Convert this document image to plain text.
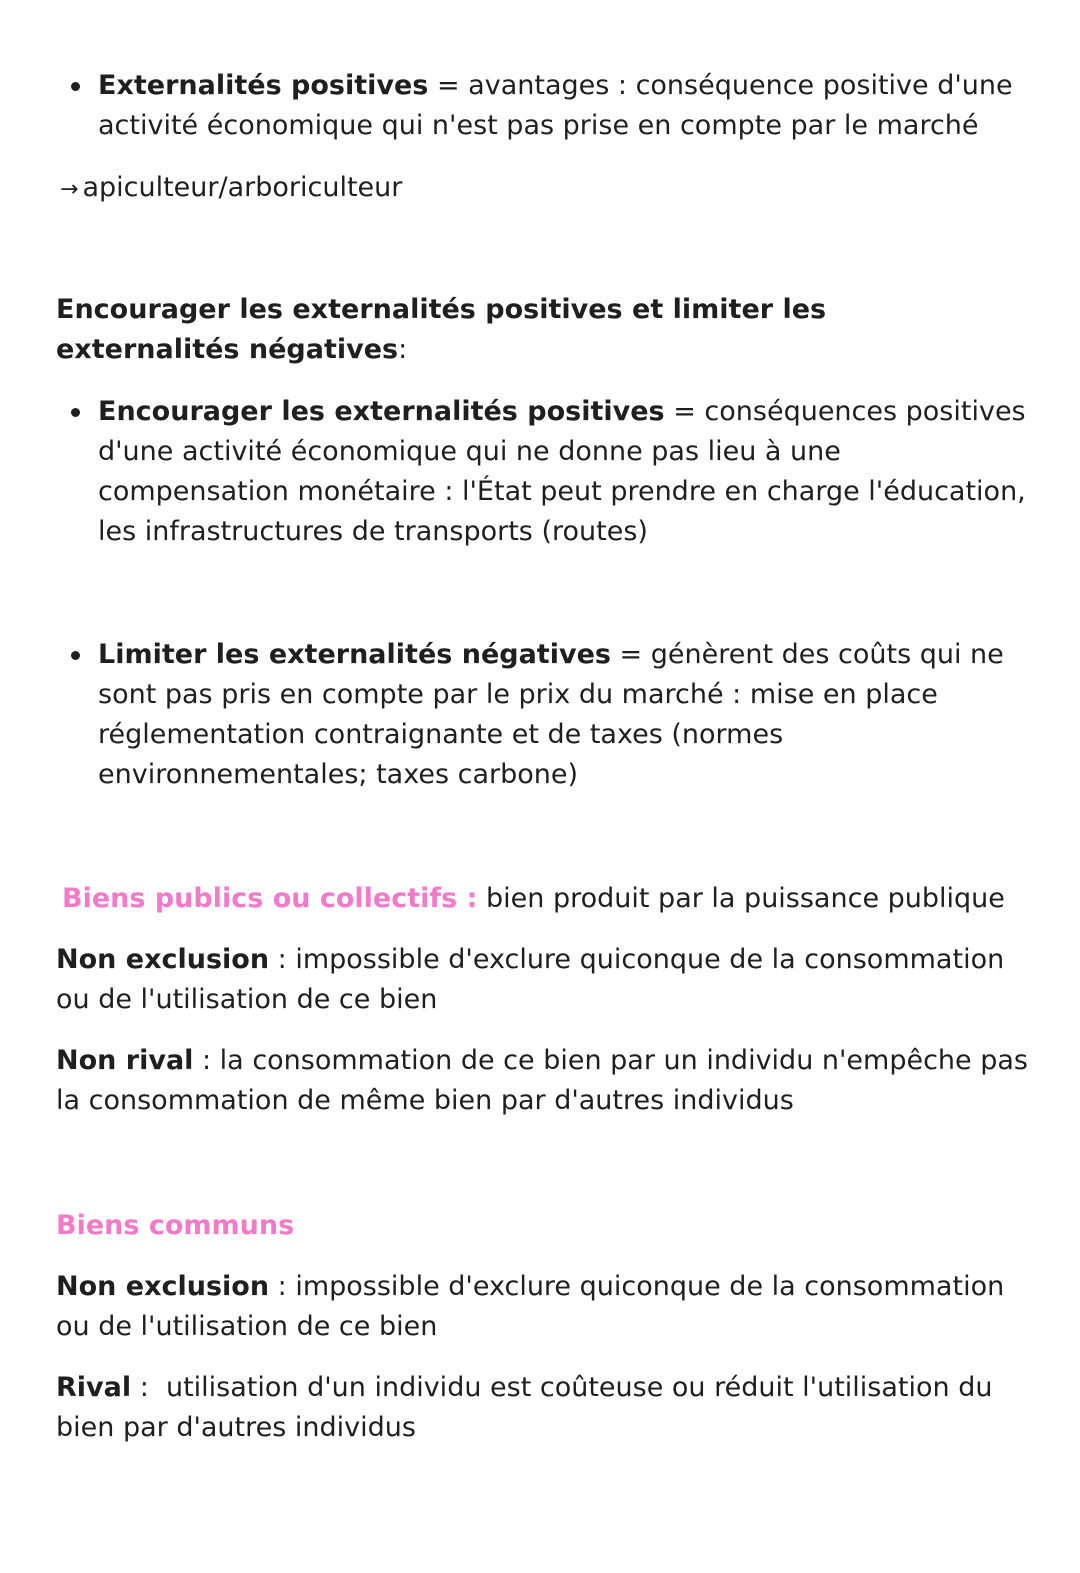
Externalités positives = avantages : conséquence positive d'une activité économique qui n'est pas prise en compte par le marché

→ apiculteur/arboriculteur

Encourager les externalités positives et limiter les externalités négatives:

Encourager les externalités positives = conséquences positives d'une activité économique qui ne donne pas lieu à une compensation monétaire : l'État peut prendre en charge l'éducation, les infrastructures de transports (routes)

Limiter les externalités négatives = génèrent des coûts qui ne sont pas pris en compte par le prix du marché : mise en place réglementation contraignante et de taxes (normes environnementales; taxes carbone)

Biens publics ou collectifs : bien produit par la puissance publique

Non exclusion : impossible d'exclure quiconque de la consommation ou de l'utilisation de ce bien

Non rival : la consommation de ce bien par un individu n'empêche pas la consommation de même bien par d'autres individus

Biens communs

Non exclusion : impossible d'exclure quiconque de la consommation ou de l'utilisation de ce bien

Rival :  utilisation d'un individu est coûteuse ou réduit l'utilisation du bien par d'autres individus
